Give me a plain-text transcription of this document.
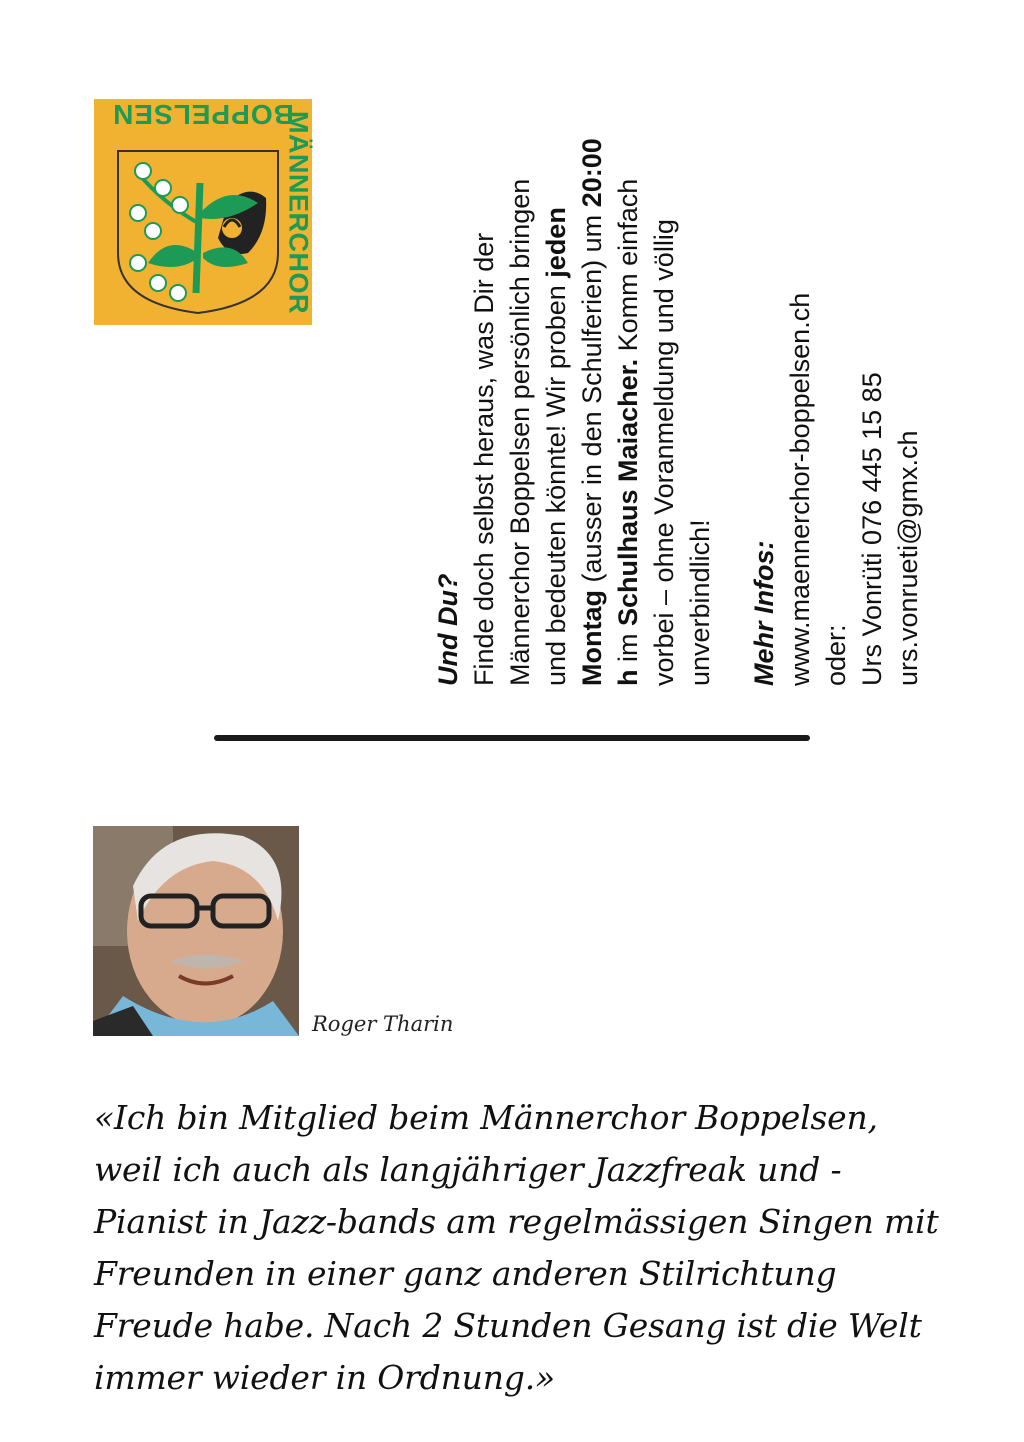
BOPPELSEN
MÄNNERCHOR

Und Du? Finde doch selbst heraus, was Dir der Männerchor Boppelsen persönlich bringen und bedeuten könnte! Wir proben jeden Montag (ausser in den Schulferien) um 20:00 h im Schulhaus Maiacher. Komm einfach vorbei – ohne Voranmeldung und völlig unverbindlich! Mehr Infos: www.maennerchor-boppelsen.ch oder: Urs Vonrüti 076 445 15 85 urs.vonrueti@gmx.ch

Roger Tharin
«Ich bin Mitglied beim Männerchor Boppelsen, weil ich auch als langjähriger Jazzfreak und -Pianist in Jazz-bands am regelmässigen Singen mit Freunden in einer ganz anderen Stilrichtung Freude habe. Nach 2 Stunden Gesang ist die Welt immer wieder in Ordnung.»
